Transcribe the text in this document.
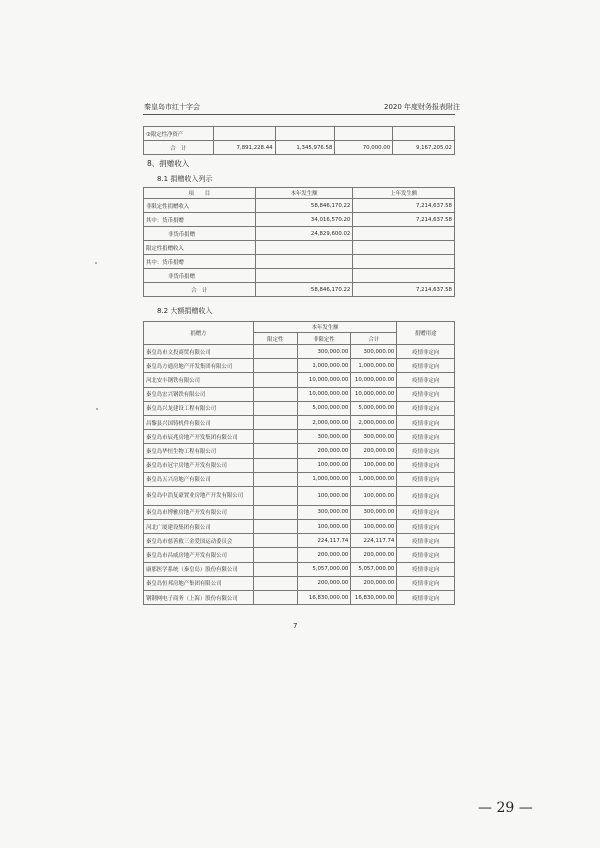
秦皇岛市红十字会	2020 年度财务报表附注
②限定性净资产				
合　计	7,891,228.44	1,345,976.58	70,000.00	9,167,205.02
8、捐赠收入
8.1 捐赠收入列示
项　　目	本年发生额	上年发生额
非限定性捐赠收入	58,846,170.22	7,214,637.58
其中：货币捐赠	34,016,570.20	7,214,637.58
非货币捐赠	24,829,600.02	
限定性捐赠收入		
其中：货币捐赠		
非货币捐赠		
合　计	58,846,170.22	7,214,637.58
8.2 大额捐赠收入
捐赠方	本年发生额			捐赠用途
	限定性	非限定性	合计	
秦皇岛市文投商贸有限公司		300,000.00	300,000.00	疫情非定向
秦皇岛方通房地产开发集团有限公司		1,000,000.00	1,000,000.00	疫情非定向
河北安丰钢铁有限公司		10,000,000.00	10,000,000.00	疫情非定向
秦皇岛宏兴钢铁有限公司		10,000,000.00	10,000,000.00	疫情非定向
秦皇岛兴龙建设工程有限公司		5,000,000.00	5,000,000.00	疫情非定向
昌黎县兴国铸机件有限公司		2,000,000.00	2,000,000.00	疫情非定向
秦皇岛市辰兆房地产开发集团有限公司		300,000.00	300,000.00	疫情非定向
秦皇岛华恒生物工程有限公司		200,000.00	200,000.00	疫情非定向
秦皇岛市冠宇房地产开发有限公司		100,000.00	100,000.00	疫情非定向
秦皇岛五兴房地产有限公司		1,000,000.00	1,000,000.00	疫情非定向
秦皇岛中浩复豪置业房地产开发有限公司		100,000.00	100,000.00	疫情非定向
秦皇岛市博雅房地产开发有限公司		300,000.00	300,000.00	疫情非定向
河北广厦建设集团有限公司		100,000.00	100,000.00	疫情非定向
秦皇岛市慈善救三金爱国运动委员会		224,117.74	224,117.74	疫情非定向
秦皇岛市昌威房地产开发有限公司		200,000.00	200,000.00	疫情非定向
康那医学系统（秦皇岛）股份有限公司		5,057,000.00	5,057,000.00	疫情非定向
秦皇岛恒邦房地产集团有限公司		200,000.00	200,000.00	疫情非定向
钢钢网电子商务（上海）股份有限公司		16,830,000.00	16,830,000.00	疫情非定向
7
— 29 —
